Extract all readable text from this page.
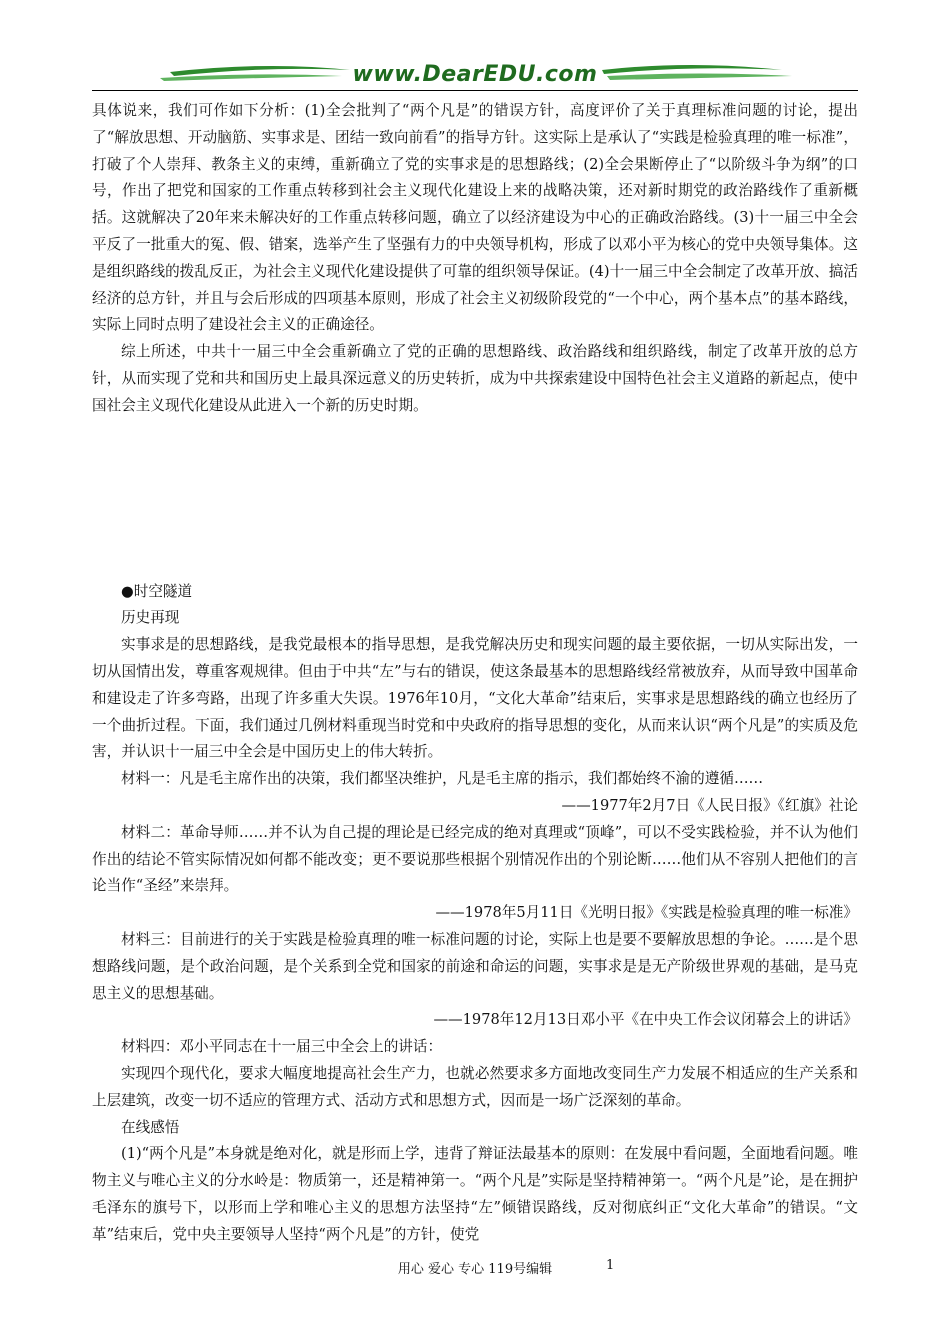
www.DearEDU.com

具体说来，我们可作如下分析：(1)全会批判了“两个凡是”的错误方针，高度评价了关于真理标准问题的讨论，提出了“解放思想、开动脑筋、实事求是、团结一致向前看”的指导方针。这实际上是承认了“实践是检验真理的唯一标准”，打破了个人崇拜、教条主义的束缚，重新确立了党的实事求是的思想路线；(2)全会果断停止了“以阶级斗争为纲”的口号，作出了把党和国家的工作重点转移到社会主义现代化建设上来的战略决策，还对新时期党的政治路线作了重新概括。这就解决了20年来未解决好的工作重点转移问题，确立了以经济建设为中心的正确政治路线。(3)十一届三中全会平反了一批重大的冤、假、错案，选举产生了坚强有力的中央领导机构，形成了以邓小平为核心的党中央领导集体。这是组织路线的拨乱反正，为社会主义现代化建设提供了可靠的组织领导保证。(4)十一届三中全会制定了改革开放、搞活经济的总方针，并且与会后形成的四项基本原则，形成了社会主义初级阶段党的“一个中心，两个基本点”的基本路线，实际上同时点明了建设社会主义的正确途径。

综上所述，中共十一届三中全会重新确立了党的正确的思想路线、政治路线和组织路线，制定了改革开放的总方针，从而实现了党和共和国历史上最具深远意义的历史转折，成为中共探索建设中国特色社会主义道路的新起点，使中国社会主义现代化建设从此进入一个新的历史时期。

●时空隧道

历史再现

实事求是的思想路线，是我党最根本的指导思想，是我党解决历史和现实问题的最主要依据，一切从实际出发，一切从国情出发，尊重客观规律。但由于中共“左”与右的错误，使这条最基本的思想路线经常被放弃，从而导致中国革命和建设走了许多弯路，出现了许多重大失误。1976年10月，“文化大革命”结束后，实事求是思想路线的确立也经历了一个曲折过程。下面，我们通过几例材料重现当时党和中央政府的指导思想的变化，从而来认识“两个凡是”的实质及危害，并认识十一届三中全会是中国历史上的伟大转折。

材料一：凡是毛主席作出的决策，我们都坚决维护，凡是毛主席的指示，我们都始终不渝的遵循……

——1977年2月7日《人民日报》《红旗》社论

材料二：革命导师……并不认为自己提的理论是已经完成的绝对真理或“顶峰”，可以不受实践检验，并不认为他们作出的结论不管实际情况如何都不能改变；更不要说那些根据个别情况作出的个别论断……他们从不容别人把他们的言论当作“圣经”来崇拜。

——1978年5月11日《光明日报》《实践是检验真理的唯一标准》

材料三：目前进行的关于实践是检验真理的唯一标准问题的讨论，实际上也是要不要解放思想的争论。……是个思想路线问题，是个政治问题，是个关系到全党和国家的前途和命运的问题，实事求是是无产阶级世界观的基础，是马克思主义的思想基础。

——1978年12月13日邓小平《在中央工作会议闭幕会上的讲话》

材料四：邓小平同志在十一届三中全会上的讲话：

实现四个现代化，要求大幅度地提高社会生产力，也就必然要求多方面地改变同生产力发展不相适应的生产关系和上层建筑，改变一切不适应的管理方式、活动方式和思想方式，因而是一场广泛深刻的革命。

在线感悟

(1)“两个凡是”本身就是绝对化，就是形而上学，违背了辩证法最基本的原则：在发展中看问题，全面地看问题。唯物主义与唯心主义的分水岭是：物质第一，还是精神第一。“两个凡是”实际是坚持精神第一。“两个凡是”论，是在拥护毛泽东的旗号下，以形而上学和唯心主义的思想方法坚持“左”倾错误路线，反对彻底纠正“文化大革命”的错误。“文革”结束后，党中央主要领导人坚持“两个凡是”的方针，使党

用心 爱心 专心 119号编辑	1
